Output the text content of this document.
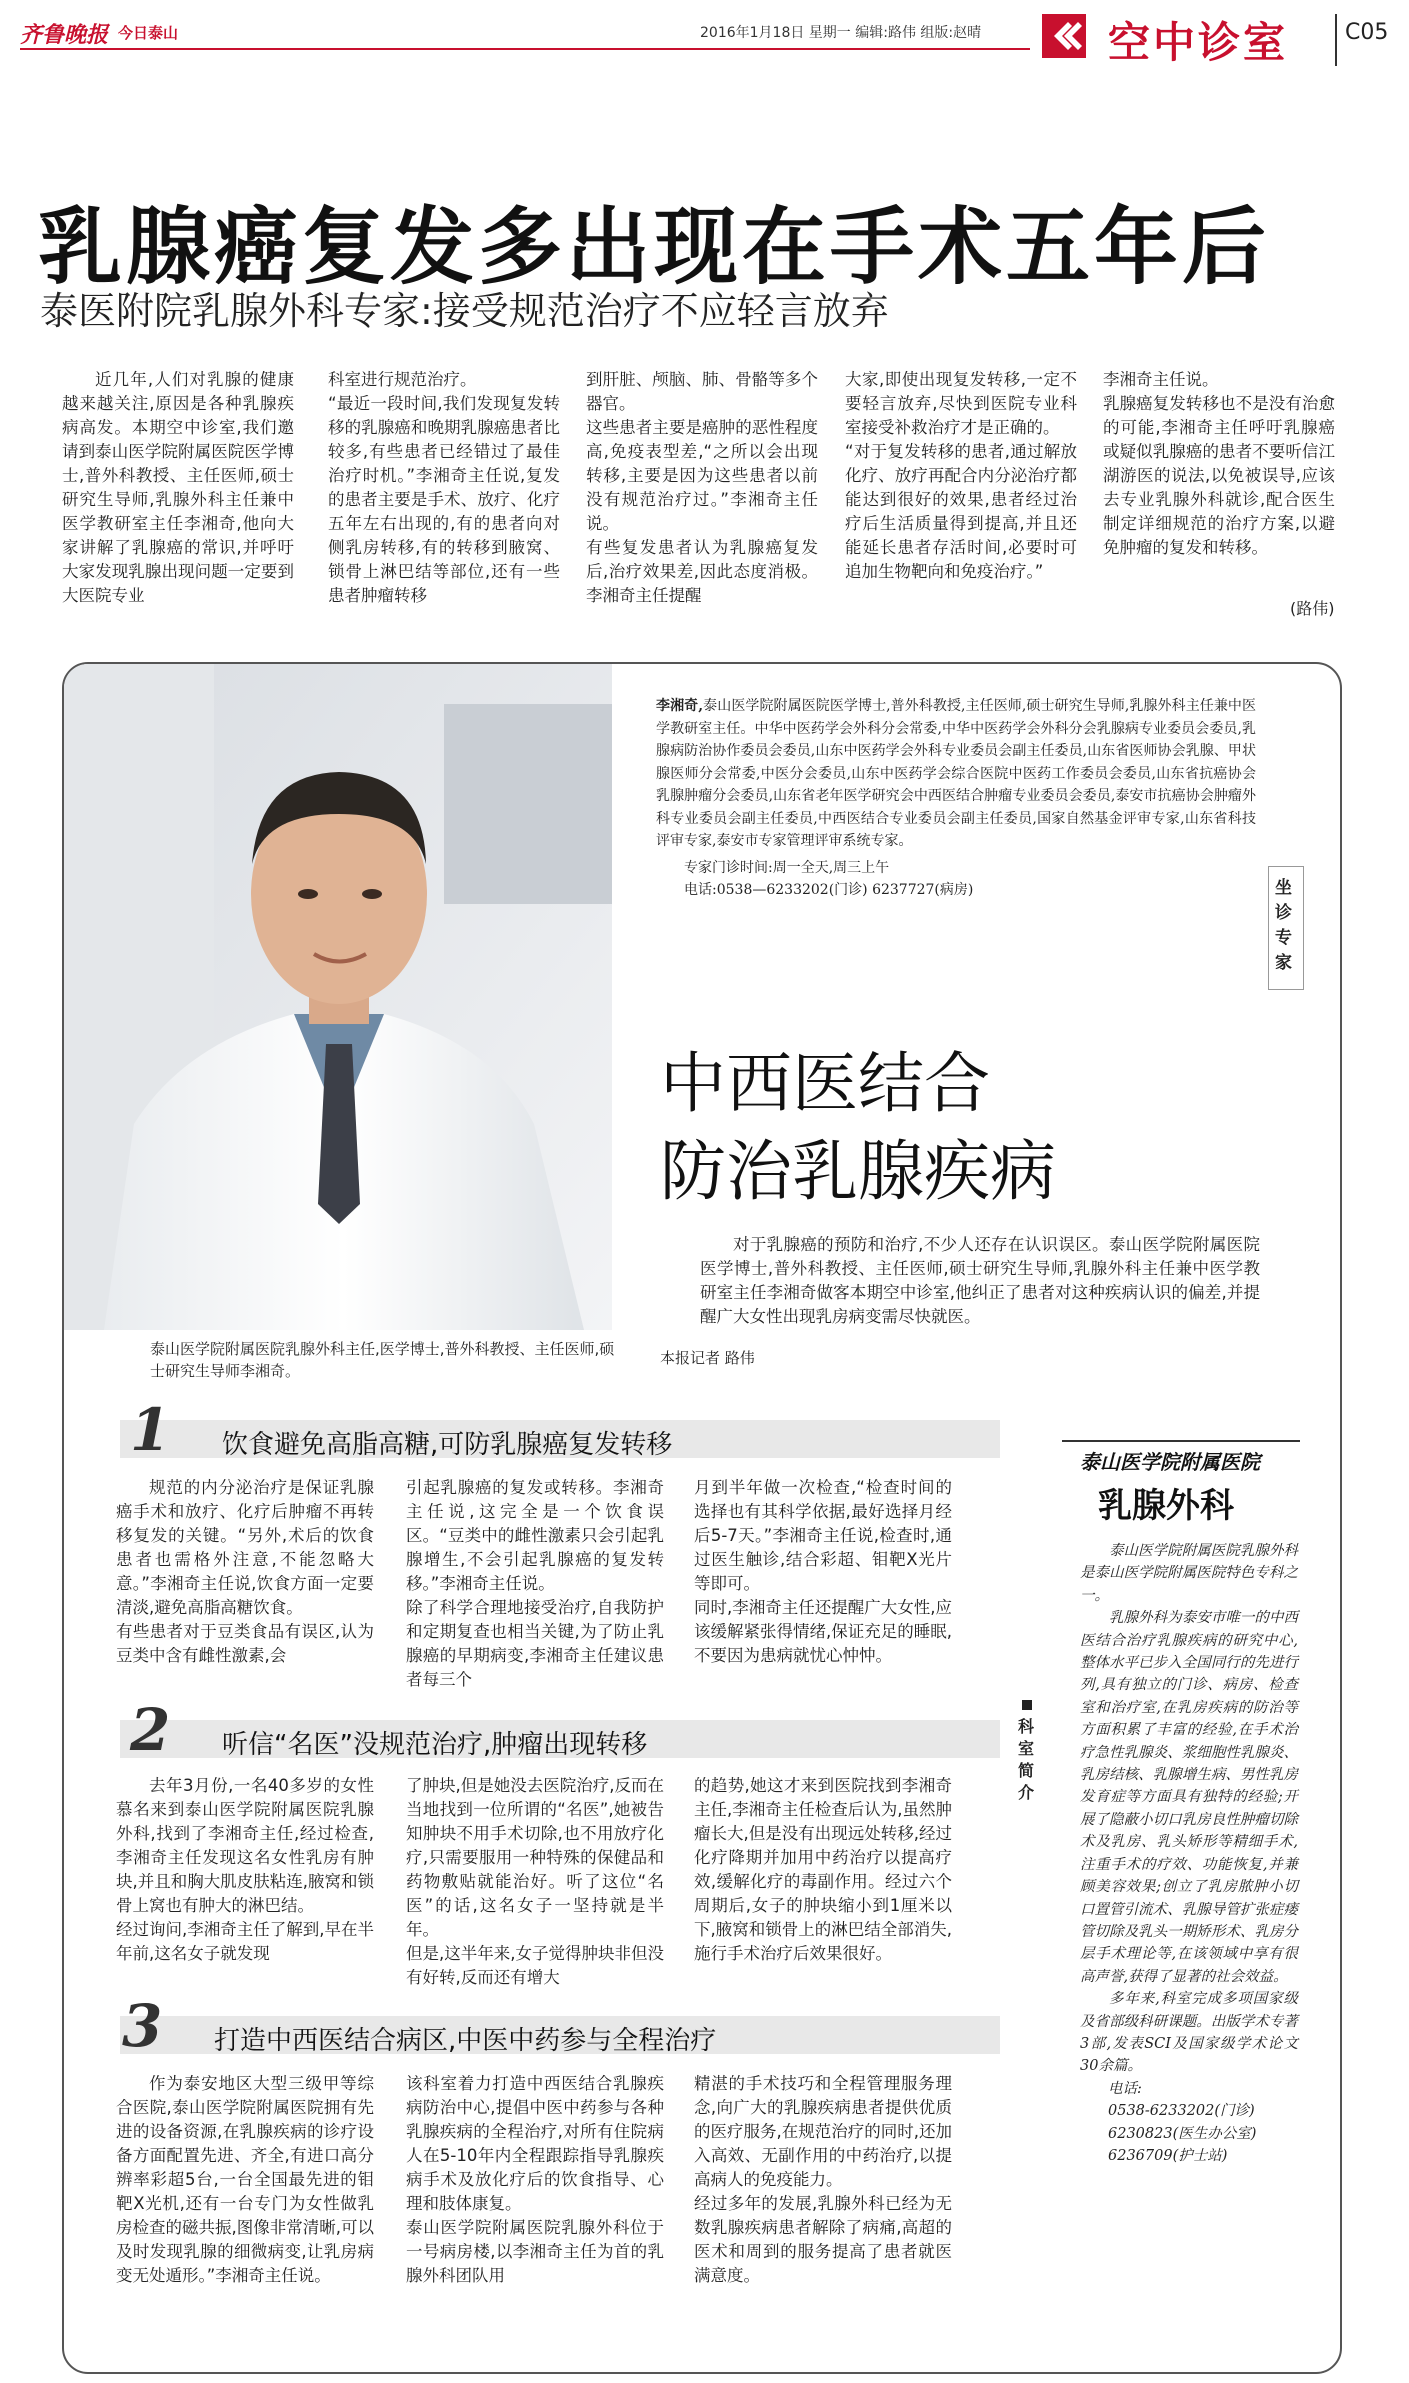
齐鲁晚报 今日泰山	2016年1月18日 星期一 编辑:路伟 组版:赵晴	空中诊室	C05
乳腺癌复发多出现在手术五年后
泰医附院乳腺外科专家:接受规范治疗不应轻言放弃
近几年,人们对乳腺的健康越来越关注,原因是各种乳腺疾病高发。本期空中诊室,我们邀请到泰山医学院附属医院医学博士,普外科教授、主任医师,硕士研究生导师,乳腺外科主任兼中医学教研室主任李湘奇,他向大家讲解了乳腺癌的常识,并呼吁大家发现乳腺出现问题一定要到大医院专业
科室进行规范治疗。
“最近一段时间,我们发现复发转移的乳腺癌和晚期乳腺癌患者比较多,有些患者已经错过了最佳治疗时机。”李湘奇主任说,复发的患者主要是手术、放疗、化疗五年左右出现的,有的患者向对侧乳房转移,有的转移到腋窝、锁骨上淋巴结等部位,还有一些患者肿瘤转移
到肝脏、颅脑、肺、骨骼等多个器官。
这些患者主要是癌肿的恶性程度高,免疫表型差,“之所以会出现转移,主要是因为这些患者以前没有规范治疗过。”李湘奇主任说。
有些复发患者认为乳腺癌复发后,治疗效果差,因此态度消极。李湘奇主任提醒
大家,即使出现复发转移,一定不要轻言放弃,尽快到医院专业科室接受补救治疗才是正确的。
“对于复发转移的患者,通过解放化疗、放疗再配合内分泌治疗都能达到很好的效果,患者经过治疗后生活质量得到提高,并且还能延长患者存活时间,必要时可追加生物靶向和免疫治疗。”
李湘奇主任说。
乳腺癌复发转移也不是没有治愈的可能,李湘奇主任呼吁乳腺癌或疑似乳腺癌的患者不要听信江湖游医的说法,以免被误导,应该去专业乳腺外科就诊,配合医生制定详细规范的治疗方案,以避免肿瘤的复发和转移。
(路伟)
泰山医学院附属医院乳腺外科主任,医学博士,普外科教授、主任医师,硕士研究生导师李湘奇。
李湘奇,泰山医学院附属医院医学博士,普外科教授,主任医师,硕士研究生导师,乳腺外科主任兼中医学教研室主任。中华中医药学会外科分会常委,中华中医药学会外科分会乳腺病专业委员会委员,乳腺病防治协作委员会委员,山东中医药学会外科专业委员会副主任委员,山东省医师协会乳腺、甲状腺医师分会常委,中医分会委员,山东中医药学会综合医院中医药工作委员会委员,山东省抗癌协会乳腺肿瘤分会委员,山东省老年医学研究会中西医结合肿瘤专业委员会委员,泰安市抗癌协会肿瘤外科专业委员会副主任委员,中西医结合专业委员会副主任委员,国家自然基金评审专家,山东省科技评审专家,泰安市专家管理评审系统专家。
专家门诊时间:周一全天,周三上午
电话:0538—6233202(门诊) 6237727(病房)	坐诊专家
中西医结合
防治乳腺疾病
对于乳腺癌的预防和治疗,不少人还存在认识误区。泰山医学院附属医院医学博士,普外科教授、主任医师,硕士研究生导师,乳腺外科主任兼中医学教研室主任李湘奇做客本期空中诊室,他纠正了患者对这种疾病认识的偏差,并提醒广大女性出现乳房病变需尽快就医。
本报记者 路伟
1 饮食避免高脂高糖,可防乳腺癌复发转移
规范的内分泌治疗是保证乳腺癌手术和放疗、化疗后肿瘤不再转移复发的关键。“另外,术后的饮食患者也需格外注意,不能忽略大意。”李湘奇主任说,饮食方面一定要清淡,避免高脂高糖饮食。
有些患者对于豆类食品有误区,认为豆类中含有雌性激素,会
引起乳腺癌的复发或转移。李湘奇主任说,这完全是一个饮食误区。“豆类中的雌性激素只会引起乳腺增生,不会引起乳腺癌的复发转移。”李湘奇主任说。
除了科学合理地接受治疗,自我防护和定期复查也相当关键,为了防止乳腺癌的早期病变,李湘奇主任建议患者每三个
月到半年做一次检查,“检查时间的选择也有其科学依据,最好选择月经后5-7天。”李湘奇主任说,检查时,通过医生触诊,结合彩超、钼靶X光片等即可。
同时,李湘奇主任还提醒广大女性,应该缓解紧张得情绪,保证充足的睡眠,不要因为患病就忧心忡忡。
2 听信“名医”没规范治疗,肿瘤出现转移
去年3月份,一名40多岁的女性慕名来到泰山医学院附属医院乳腺外科,找到了李湘奇主任,经过检查,李湘奇主任发现这名女性乳房有肿块,并且和胸大肌皮肤粘连,腋窝和锁骨上窝也有肿大的淋巴结。
经过询问,李湘奇主任了解到,早在半年前,这名女子就发现
了肿块,但是她没去医院治疗,反而在当地找到一位所谓的“名医”,她被告知肿块不用手术切除,也不用放疗化疗,只需要服用一种特殊的保健品和药物敷贴就能治好。听了这位“名医”的话,这名女子一坚持就是半年。
但是,这半年来,女子觉得肿块非但没有好转,反而还有增大
的趋势,她这才来到医院找到李湘奇主任,李湘奇主任检查后认为,虽然肿瘤长大,但是没有出现远处转移,经过化疗降期并加用中药治疗以提高疗效,缓解化疗的毒副作用。经过六个周期后,女子的肿块缩小到1厘米以下,腋窝和锁骨上的淋巴结全部消失,施行手术治疗后效果很好。
3 打造中西医结合病区,中医中药参与全程治疗
作为泰安地区大型三级甲等综合医院,泰山医学院附属医院拥有先进的设备资源,在乳腺疾病的诊疗设备方面配置先进、齐全,有进口高分辨率彩超5台,一台全国最先进的钼靶X光机,还有一台专门为女性做乳房检查的磁共振,图像非常清晰,可以及时发现乳腺的细微病变,让乳房病变无处遁形。”李湘奇主任说。
该科室着力打造中西医结合乳腺疾病防治中心,提倡中医中药参与各种乳腺疾病的全程治疗,对所有住院病人在5-10年内全程跟踪指导乳腺疾病手术及放化疗后的饮食指导、心理和肢体康复。
泰山医学院附属医院乳腺外科位于一号病房楼,以李湘奇主任为首的乳腺外科团队用
精湛的手术技巧和全程管理服务理念,向广大的乳腺疾病患者提供优质的医疗服务,在规范治疗的同时,还加入高效、无副作用的中药治疗,以提高病人的免疫能力。
经过多年的发展,乳腺外科已经为无数乳腺疾病患者解除了病痛,高超的医术和周到的服务提高了患者就医满意度。
科室简介
泰山医学院附属医院
乳腺外科

泰山医学院附属医院乳腺外科是泰山医学院附属医院特色专科之一。

乳腺外科为泰安市唯一的中西医结合治疗乳腺疾病的研究中心,整体水平已步入全国同行的先进行列,具有独立的门诊、病房、检查室和治疗室,在乳房疾病的防治等方面积累了丰富的经验,在手术治疗急性乳腺炎、浆细胞性乳腺炎、乳房结核、乳腺增生病、男性乳房发育症等方面具有独特的经验;开展了隐蔽小切口乳房良性肿瘤切除术及乳房、乳头矫形等精细手术,注重手术的疗效、功能恢复,并兼顾美容效果;创立了乳房脓肿小切口置管引流术、乳腺导管扩张症瘘管切除及乳头一期矫形术、乳房分层手术理论等,在该领域中享有很高声誉,获得了显著的社会效益。

多年来,科室完成多项国家级及省部级科研课题。出版学术专著3部,发表SCI及国家级学术论文30余篇。

电话:

0538-6233202(门诊)

6230823(医生办公室)

6236709(护士站)
